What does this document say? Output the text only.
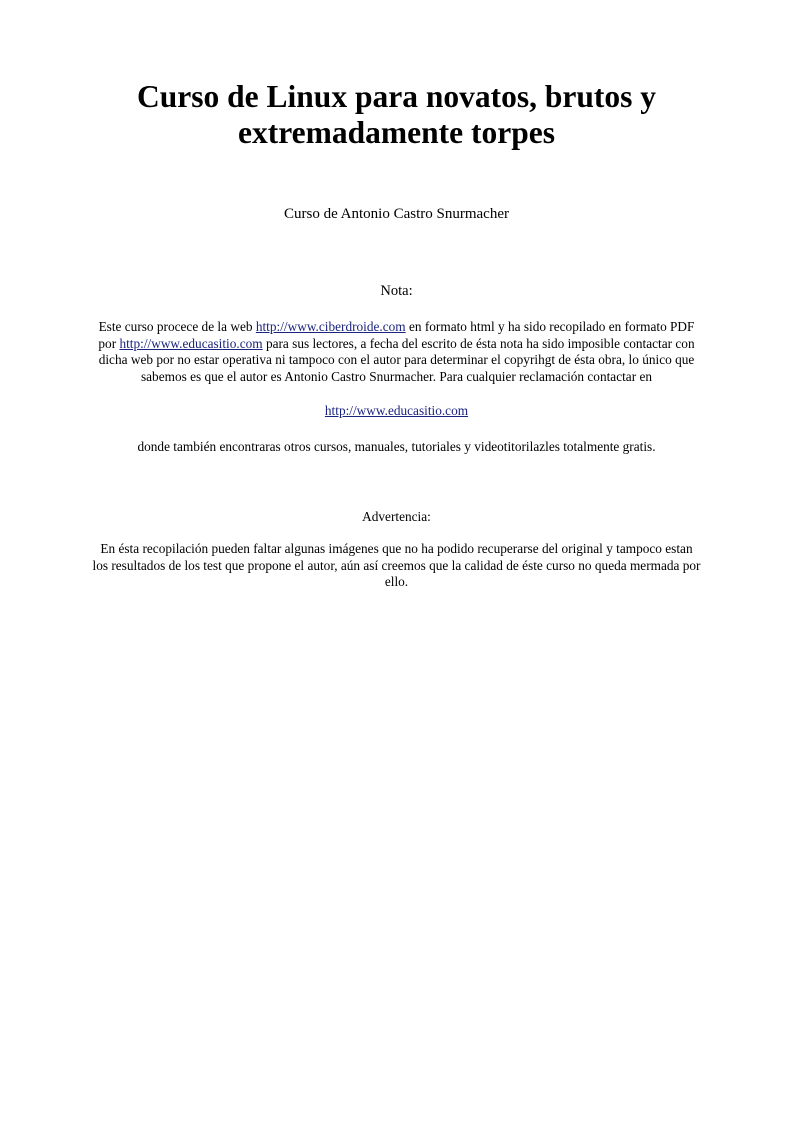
Curso de Linux para novatos, brutos y
extremadamente torpes

Curso de Antonio Castro Snurmacher

Nota:

Este curso procece de la web http://www.ciberdroide.com en formato html y ha sido recopilado en formato PDF
por http://www.educasitio.com para sus lectores, a fecha del escrito de ésta nota ha sido imposible contactar con
dicha web por no estar operativa ni tampoco con el autor para determinar el copyrihgt de ésta obra, lo único que
sabemos es que el autor es Antonio Castro Snurmacher. Para cualquier reclamación contactar en

http://www.educasitio.com

donde también encontraras otros cursos, manuales, tutoriales y videotitorilazles totalmente gratis.

Advertencia:

En ésta recopilación pueden faltar algunas imágenes que no ha podido recuperarse del original y tampoco estan
los resultados de los test que propone el autor, aún así creemos que la calidad de éste curso no queda mermada por
ello.
